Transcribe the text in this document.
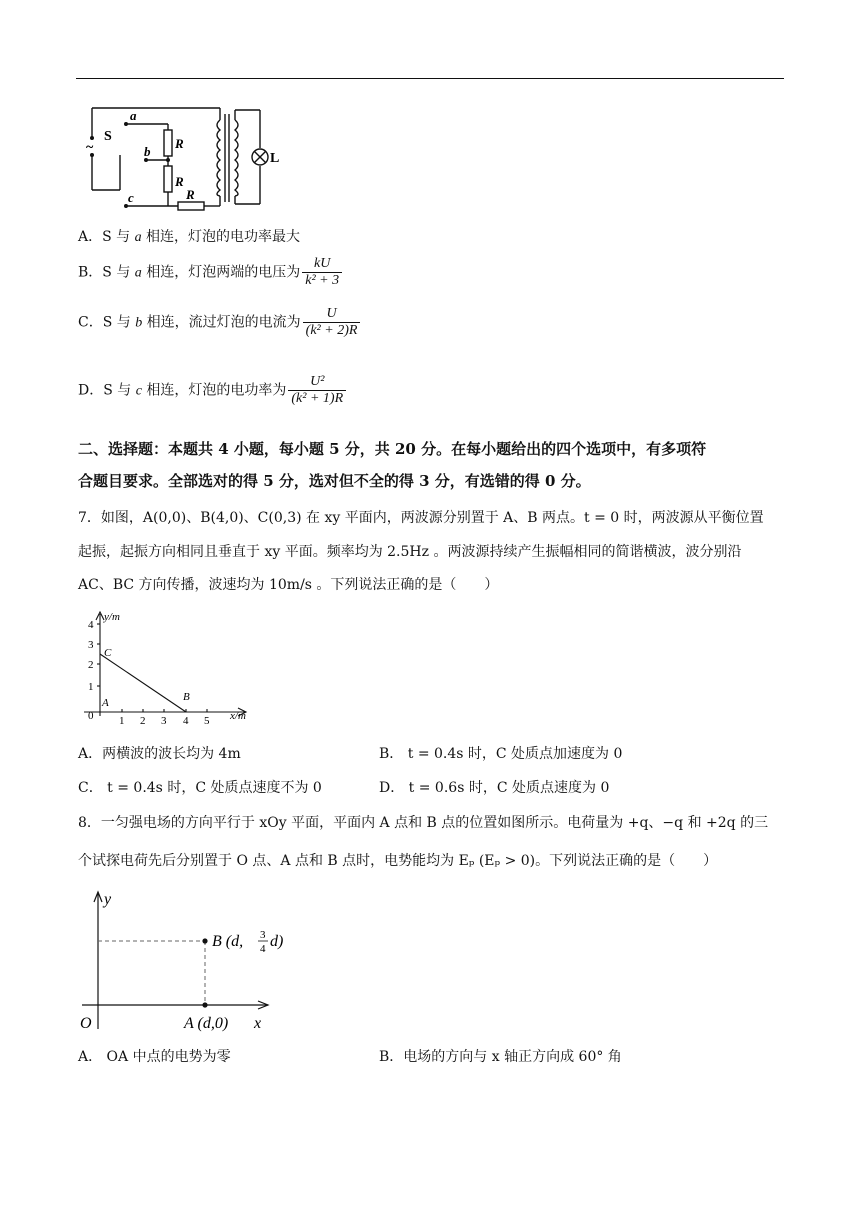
~
S
a
b
c
R
R
R
L
A．S 与 a 相连，灯泡的电功率最大
B．S 与 a 相连，灯泡两端的电压为 $\frac{kU}{\text{k² + 3}}$
C．S 与 b 相连，流过灯泡的电流为 $\frac{U}{\text{(k² + 2)R}}$
D．S 与 c 相连，灯泡的电功率为 $\frac{\text{U²}}{\text{(k² + 1)R}}$
二、选择题：本题共 4 小题，每小题 5 分，共 20 分。在每小题给出的四个选项中，有多项符
合题目要求。全部选对的得 5 分，选对但不全的得 3 分，有选错的得 0 分。
7．如图，A(0,0)、B(4,0)、C(0,3) 在 xy 平面内，两波源分别置于 A、B 两点。t = 0 时，两波源从平衡位置
起振，起振方向相同且垂直于 xy 平面。频率均为 2.5Hz 。两波源持续产生振幅相同的简谐横波，波分别沿
AC、BC 方向传播，波速均为 10m/s 。下列说法正确的是（　　）
y/m
x/m
1
2
3
4
0 1 2 3 4 5
A	B
C
A．两横波的波长均为 4m	B． t = 0.4s 时，C 处质点加速度为 0
C． t = 0.4s 时，C 处质点速度不为 0	D． t = 0.6s 时，C 处质点速度为 0
8．一匀强电场的方向平行于 xOy 平面，平面内 A 点和 B 点的位置如图所示。电荷量为 +q、−q 和 +2q 的三
个试探电荷先后分别置于 O 点、A 点和 B 点时，电势能均为 Eₚ (Eₚ > 0)。下列说法正确的是（　　）
y
x
O
B (d, 3
4 d)
A (d,0)
A． OA 中点的电势为零	B．电场的方向与 x 轴正方向成 60° 角
